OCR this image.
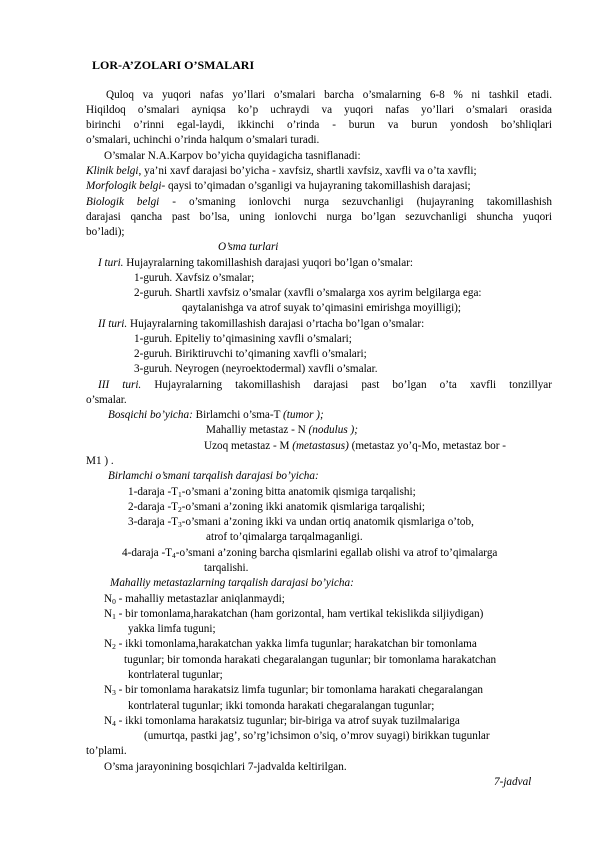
LOR-A’ZOLARI O’SMALARI
Quloq va yuqori nafas yo’llari o’smalari barcha o’smalarning 6-8 % ni tashkil etadi.
Hiqildoq o’smalari ayniqsa ko’p uchraydi va yuqori nafas yo’llari o’smalari orasida
birinchi o’rinni egal-laydi, ikkinchi o’rinda - burun va burun yondosh bo’shliqlari
o’smalari, uchinchi o’rinda halqum o’smalari turadi.
O’smalar N.A.Karpov bo’yicha quyidagicha tasniflanadi:
Klinik belgi, ya’ni xavf darajasi bo’yicha - xavfsiz, shartli xavfsiz, xavfli va o’ta xavfli;
Morfologik belgi- qaysi to’qimadan o’sganligi va hujayraning takomillashish darajasi;
Biologik belgi - o’smaning ionlovchi nurga sezuvchanligi (hujayraning takomillashish
darajasi qancha past bo’lsa, uning ionlovchi nurga bo’lgan sezuvchanligi shuncha yuqori
bo’ladi);
O’sma turlari
I turi. Hujayralarning takomillashish darajasi yuqori bo’lgan o’smalar:
1-guruh. Xavfsiz o’smalar;
2-guruh. Shartli xavfsiz o’smalar (xavfli o’smalarga xos ayrim belgilarga ega:
qaytalanishga va atrof suyak to’qimasini emirishga moyilligi);
II turi. Hujayralarning takomillashish darajasi o’rtacha bo’lgan o’smalar:
1-guruh. Epiteliy to’qimasining xavfli o’smalari;
2-guruh. Biriktiruvchi to’qimaning xavfli o’smalari;
3-guruh. Neyrogen (neyroektodermal) xavfli o’smalar.
III turi. Hujayralarning takomillashish darajasi past bo’lgan o’ta xavfli tonzillyar
o’smalar.
Bosqichi bo’yicha: Birlamchi o’sma-T (tumor );
Mahalliy metastaz - N (nodulus );
Uzoq metastaz - M (metastasus) (metastaz yo’q-Mo, metastaz bor -
M1 ) .
Birlamchi o’smani tarqalish darajasi bo’yicha:
1-daraja $-T_1-o’smani$ a’zoning bitta anatomik qismiga tarqalishi;
2-daraja $-T_2-o’smani$ a’zoning ikki anatomik qismlariga tarqalishi;
3-daraja $-T_3-o’smani$ a’zoning ikki va undan ortiq anatomik qismlariga o’tob,
atrof to’qimalarga tarqalmaganligi.
4-daraja $-T_4-o’smani$ a’zoning barcha qismlarini egallab olishi va atrof to’qimalarga
tarqalishi.
Mahalliy metastazlarning tarqalish darajasi bo’yicha:
$N_0$ - mahalliy metastazlar aniqlanmaydi;
$N_1$ - bir tomonlama,harakatchan (ham gorizontal, ham vertikal tekislikda siljiydigan)
yakka limfa tuguni;
$N_2$ - ikki tomonlama,harakatchan yakka limfa tugunlar; harakatchan bir tomonlama
tugunlar; bir tomonda harakati chegaralangan tugunlar; bir tomonlama harakatchan
kontrlateral tugunlar;
$N_3$ - bir tomonlama harakatsiz limfa tugunlar; bir tomonlama harakati chegaralangan
kontrlateral tugunlar; ikki tomonda harakati chegaralangan tugunlar;
$N_4$ - ikki tomonlama harakatsiz tugunlar; bir-biriga va atrof suyak tuzilmalariga
(umurtqa, pastki jag’, so’rg’ichsimon o’siq, o’mrov suyagi) birikkan tugunlar
to’plami.
O’sma jarayonining bosqichlari 7-jadvalda keltirilgan.
7-jadval
